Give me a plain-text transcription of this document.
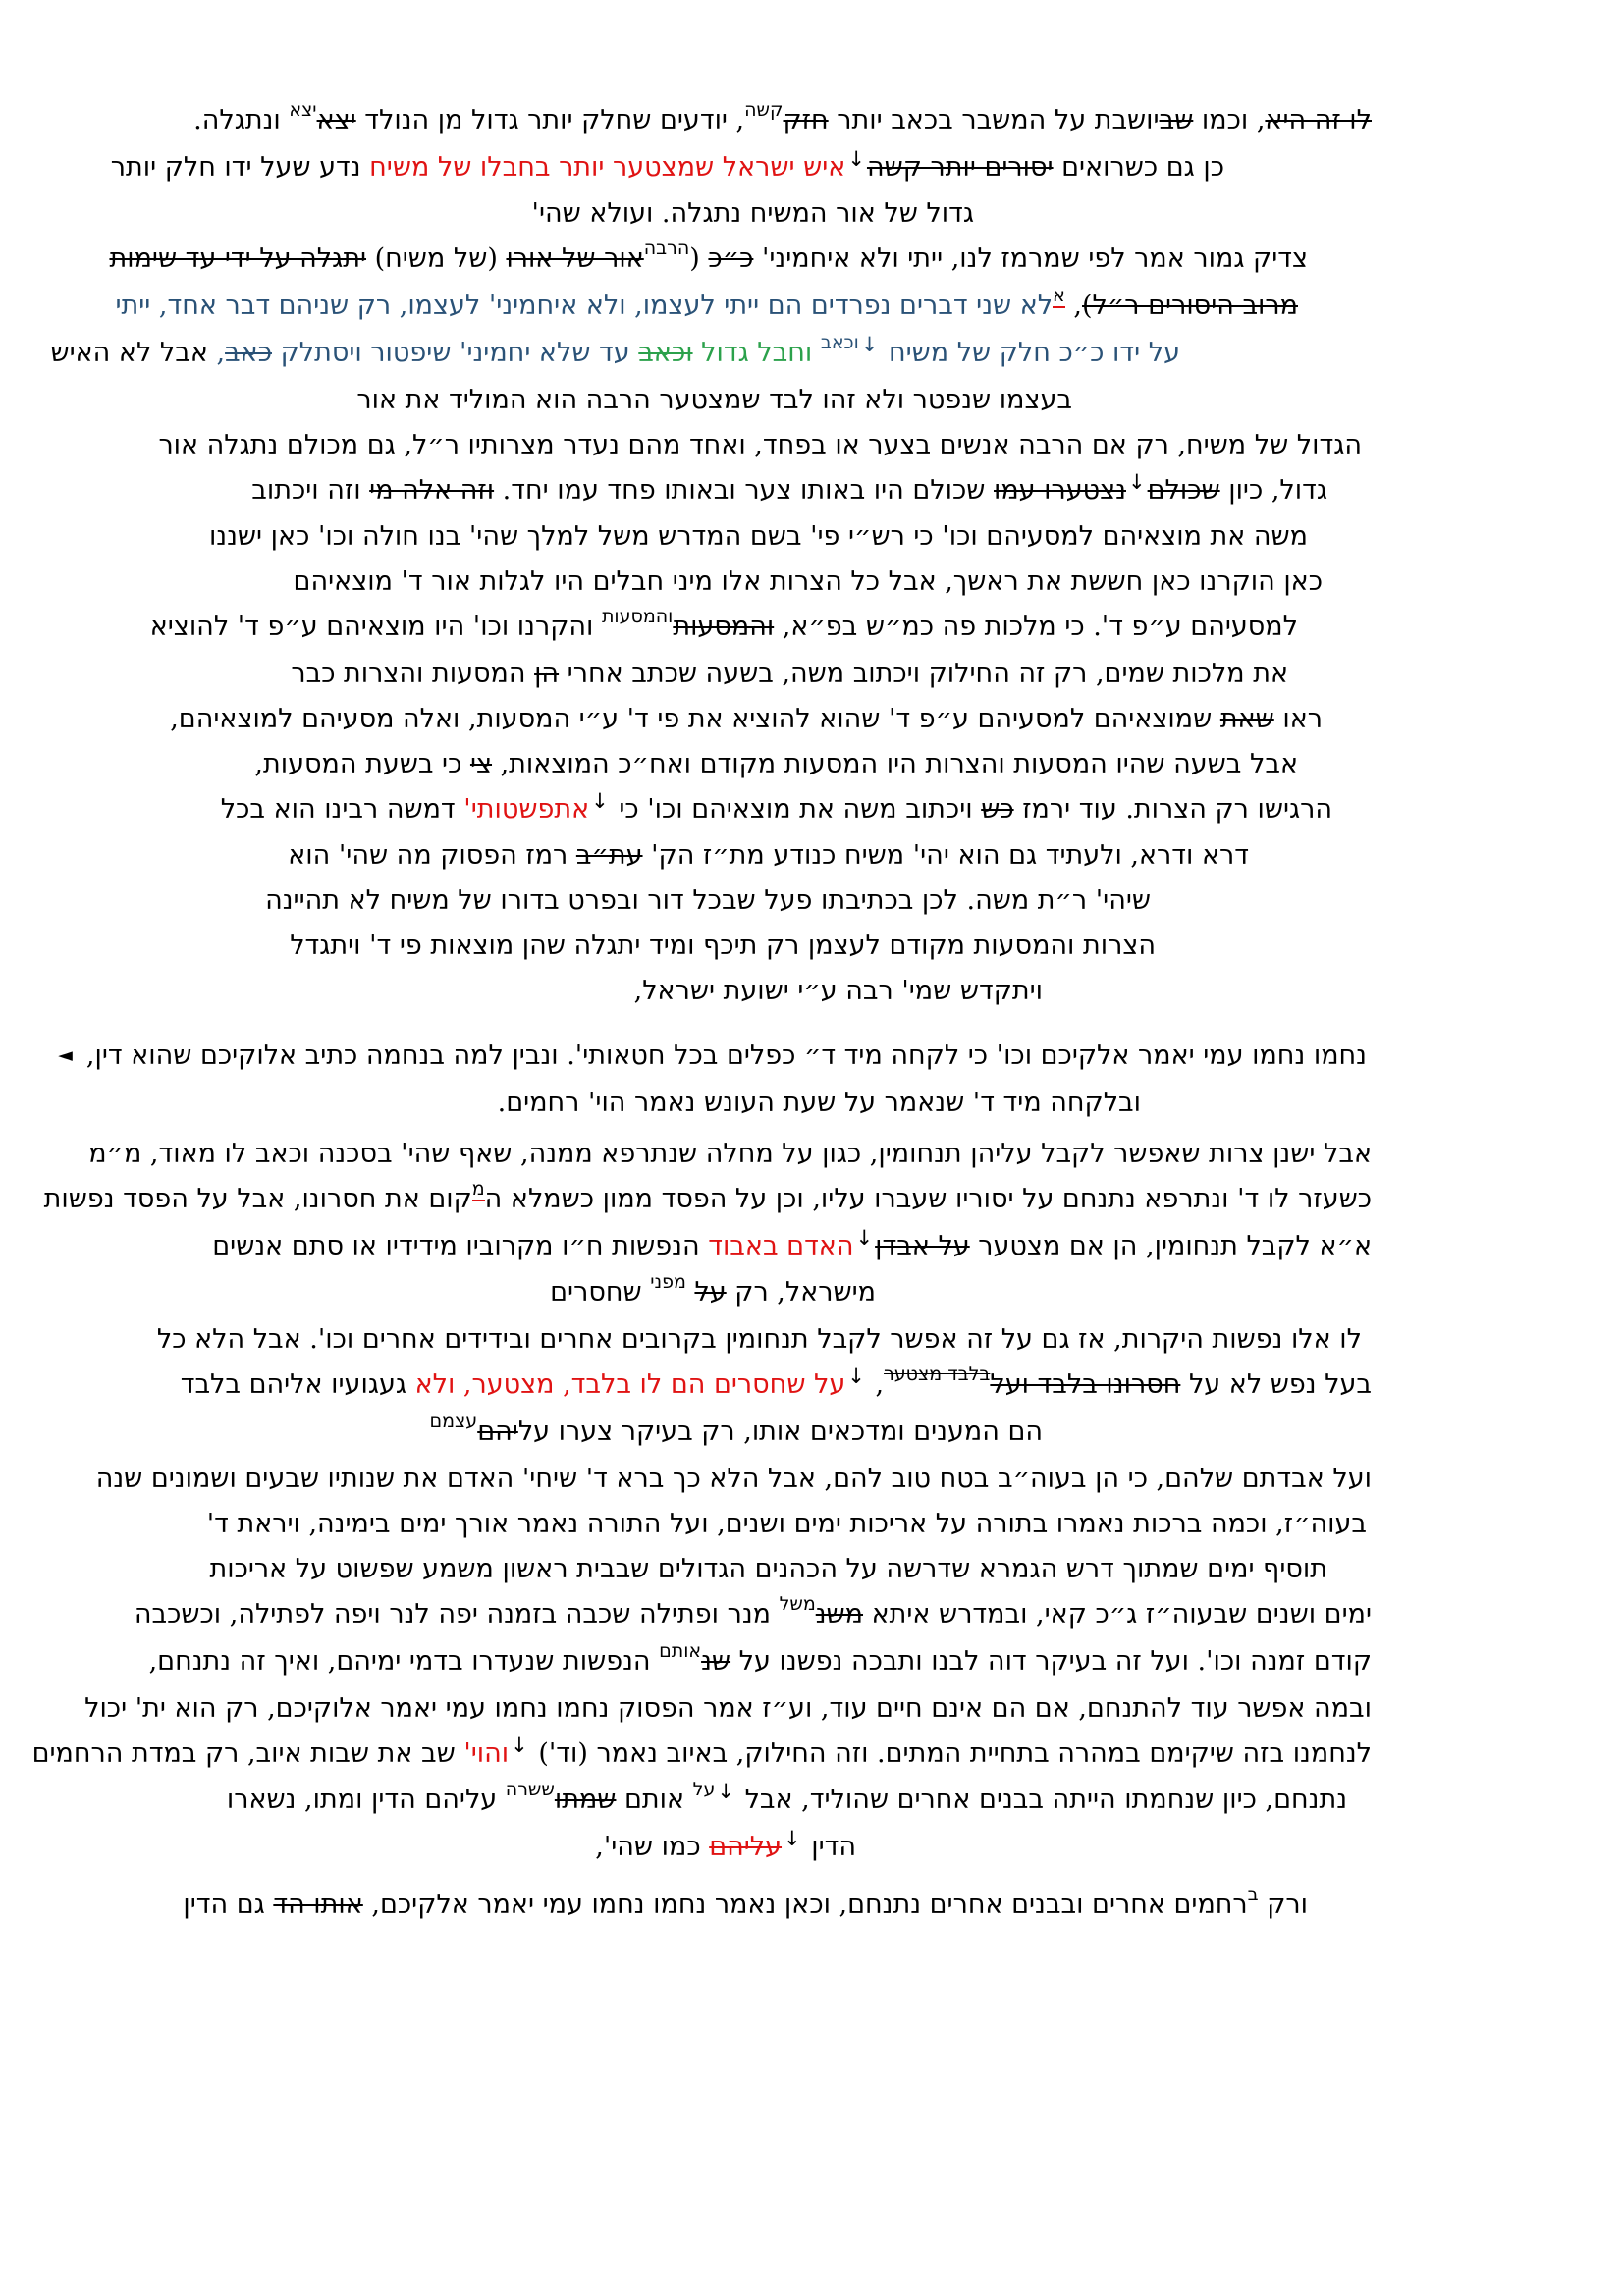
לו זה היא, וכמו שביושבת על המשבר בכאב יותר חזק$^{קשה}$, יודעים שחלק יותר גדול מן הנולד יצא$^{יצא}$ ונתגלה.
כן גם כשרואים יסורים יותר קשה↓איש ישראל שמצטער יותר בחבלו של משיח נדע שעל ידו חלק יותר
גדול של אור המשיח נתגלה. ועולא שהי'
צדיק גמור אמר לפי שמרמז לנו, ייתי ולא איחמיני' כ״כ ($^{הרבה}$אור של אורו (של משיח) יתגלה על ידי עד שימות
מרוב היסורים ר״ל), $^א$לא שני דברים נפרדים הם ייתי לעצמו, ולא איחמיני' לעצמו, רק שניהם דבר אחד, ייתי
על ידו כ״כ חלק של משיח $^{↓וכאב}$ וחבל גדול וכאב עד שלא יחמיני' שיפטור ויסתלק כאב, אבל לא האיש
בעצמו שנפטר ולא זהו לבד שמצטער הרבה הוא המוליד את אור
הגדול של משיח, רק אם הרבה אנשים בצער או בפחד, ואחד מהם נעדר מצרותיו ר״ל, גם מכולם נתגלה אור
גדול, כיון שכולם↓נצטערו עמו שכולם היו באותו צער ובאותו פחד עמו יחד. וזה אלה מי וזה ויכתוב
משה את מוצאיהם למסעיהם וכו' כי רש״י פי' בשם המדרש משל למלך שהי' בנו חולה וכו' כאן ישננו
כאן הוקרנו כאן חששת את ראשך, אבל כל הצרות אלו מיני חבלים היו לגלות אור ד' מוצאיהם
למסעיהם ע״פ ד'. כי מלכות פה כמ״ש בפ״א, והמסעות$^{והמסעות}$ והקרנו וכו' היו מוצאיהם ע״פ ד' להוציא
את מלכות שמים, רק זה החילוק ויכתוב משה, בשעה שכתב אחרי הן המסעות והצרות כבר
ראו שאת שמוצאיהם למסעיהם ע״פ ד' שהוא להוציא את פי ד' ע״י המסעות, ואלה מסעיהם למוצאיהם,
אבל בשעה שהיו המסעות והצרות היו המסעות מקודם ואח״כ המוצאות, צי כי בשעת המסעות,
הרגישו רק הצרות. עוד ירמז כש ויכתוב משה את מוצאיהם וכו' כי ↓אתפשטותי' דמשה רבינו הוא בכל
דרא ודרא, ולעתיד גם הוא יהי' משיח כנודע מת״ז הק' עת״ב רמז הפסוק מה שהי' הוא
שיהי' ר״ת משה. לכן בכתיבתו פעל שבכל דור ובפרט בדורו של משיח לא תהיינה
הצרות והמסעות מקודם לעצמן רק תיכף ומיד יתגלה שהן מוצאות פי ד' ויתגדל
ויתקדש שמי' רבה ע״י ישועת ישראל,
נחמו נחמו עמי יאמר אלקיכם וכו' כי לקחה מיד ד״ כפלים בכל חטאותי'. ונבין למה בנחמה כתיב אלוקיכם שהוא דין,◄
ובלקחה מיד ד' שנאמר על שעת העונש נאמר הוי' רחמים.
אבל ישנן צרות שאפשר לקבל עליהן תנחומין, כגון על מחלה שנתרפא ממנה, שאף שהי' בסכנה וכאב לו מאוד, מ״מ
כשעזר לו ד' ונתרפא נתנחם על יסוריו שעברו עליו, וכן על הפסד ממון כשמלא ה$^מ$קום את חסרונו, אבל על הפסד נפשות
א״א לקבל תנחומין, הן אם מצטער על אבדן↓האדם באבוד הנפשות ח״ו מקרוביו מידידיו או סתם אנשים
מישראל, רק על $^{מפני}$ שחסרים
לו אלו נפשות היקרות, אז גם על זה אפשר לקבל תנחומין בקרובים אחרים ובידידים אחרים וכו'. אבל הלא כל
בעל נפש לא על חסרונו בלבד ועל$^{בלבד מצטער}$, ↓על שחסרים הם לו בלבד, מצטער, ולא געגועיו אליהם בלבד
הם המענים ומדכאים אותו, רק בעיקר צערו עליהם$^{עצמם}$
ועל אבדתם שלהם, כי הן בעוה״ב בטח טוב להם, אבל הלא כך ברא ד' שיחי' האדם את שנותיו שבעים ושמונים שנה
בעוה״ז, וכמה ברכות נאמרו בתורה על אריכות ימים ושנים, ועל התורה נאמר אורך ימים בימינה, ויראת ד'
תוסיף ימים שמתוך דרש הגמרא שדרשה על הכהנים הגדולים שבבית ראשון משמע שפשוט על אריכות
ימים ושנים שבעוה״ז ג״כ קאי, ובמדרש איתא משנ$^{משל}$ מנר ופתילה שכבה בזמנה יפה לנר ויפה לפתילה, וכשכבה
קודם זמנה וכו'. ועל זה בעיקר דוה לבנו ותבכה נפשנו על שנ$^{אותם}$ הנפשות שנעדרו בדמי ימיהם, ואיך זה נתנחם,
ובמה אפשר עוד להתנחם, אם הם אינם חיים עוד, וע״ז אמר הפסוק נחמו נחמו עמי יאמר אלוקיכם, רק הוא ית' יכול
לנחמנו בזה שיקימם במהרה בתחיית המתים. וזה החילוק, באיוב נאמר (וד') ↓והוי' שב את שבות איוב, רק במדת הרחמים
נתנחם, כיון שנחמתו הייתה בבנים אחרים שהוליד, אבל $^{↓על}$ אותם שמתו$^{ששרה}$ עליהם הדין ומתו, נשארו
הדין ↓עליהם כמו שהי',
ורק $^ב$רחמים אחרים ובבנים אחרים נתנחם, וכאן נאמר נחמו נחמו עמי יאמר אלקיכם, אותו הד גם הדין
